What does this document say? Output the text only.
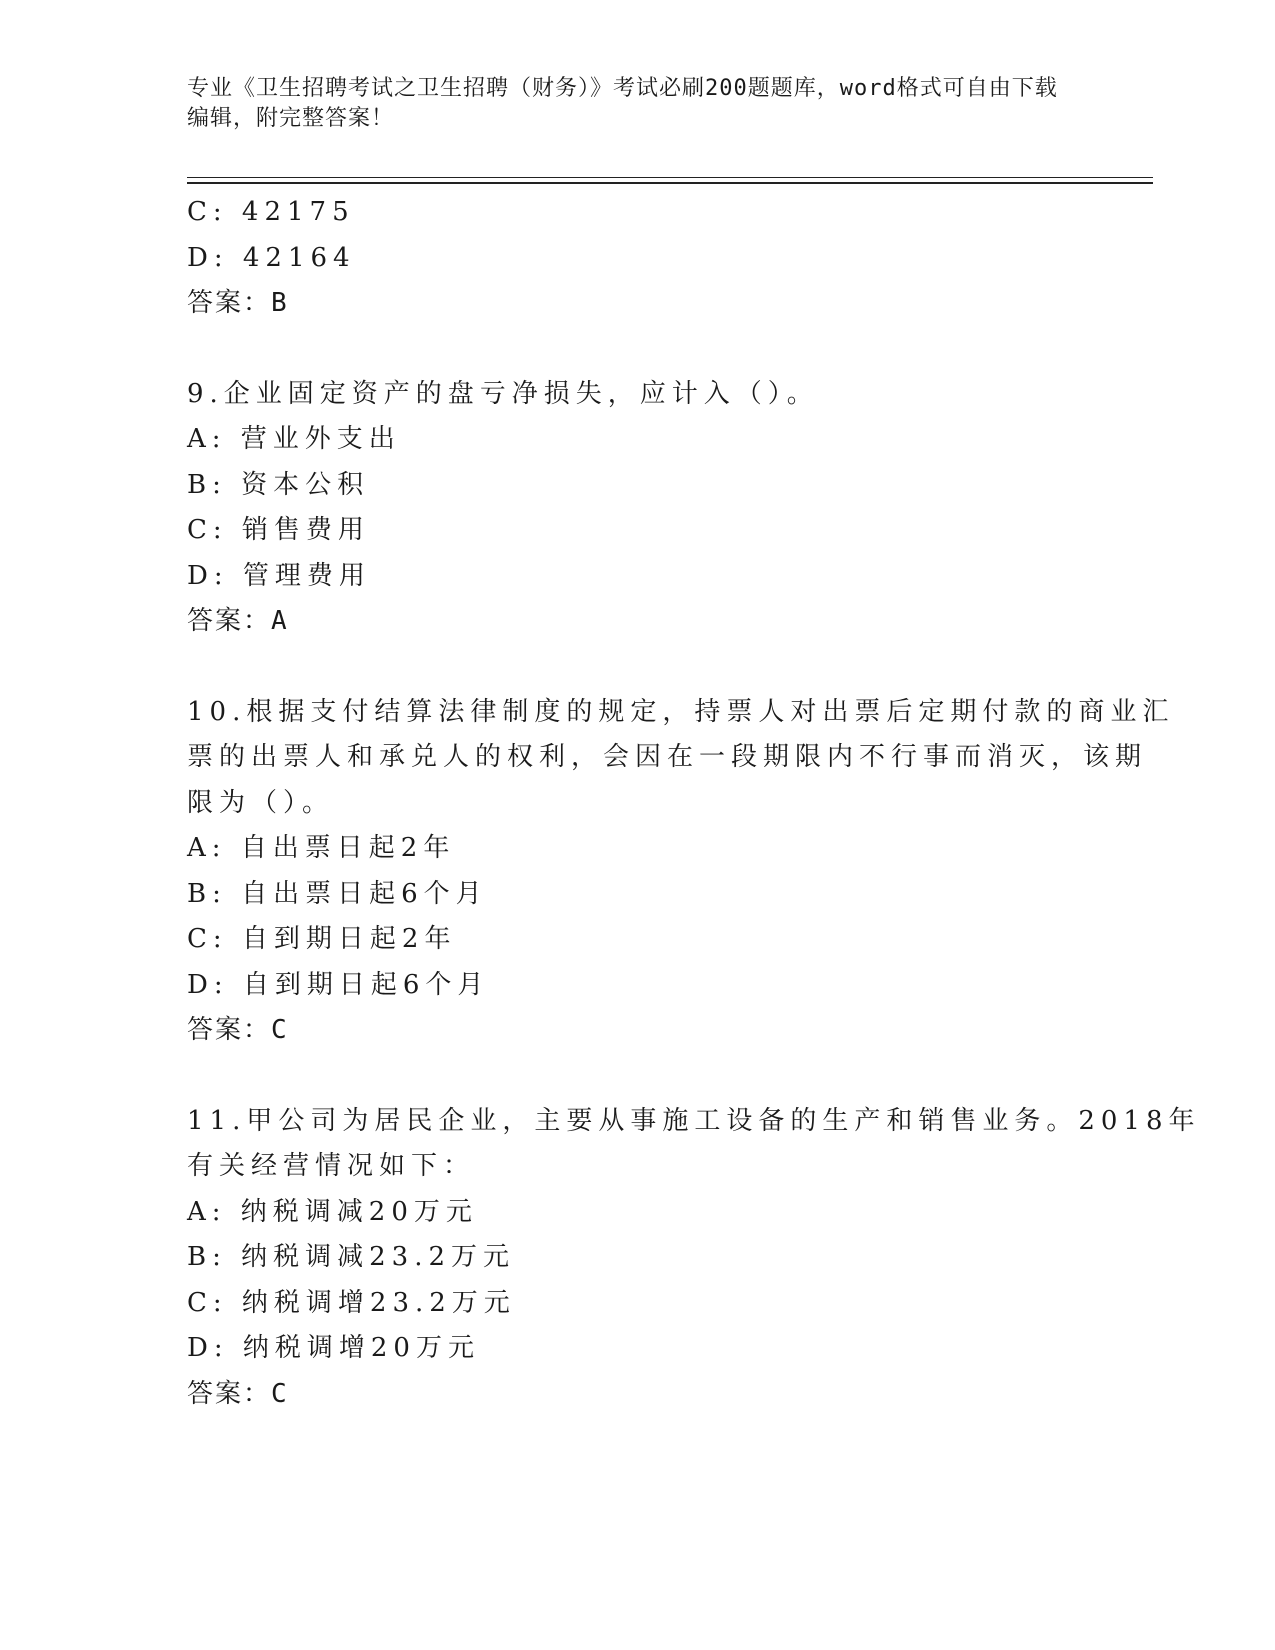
专业《卫生招聘考试之卫生招聘（财务）》考试必刷200题题库，word格式可自由下载编辑，附完整答案！

C: 42175

D: 42164

答案：B

9.企业固定资产的盘亏净损失，应计入（）。

A: 营业外支出

B: 资本公积

C: 销售费用

D: 管理费用

答案：A

10.根据支付结算法律制度的规定，持票人对出票后定期付款的商业汇

票的出票人和承兑人的权利，会因在一段期限内不行事而消灭，该期

限为（）。

A: 自出票日起2年

B: 自出票日起6个月

C: 自到期日起2年

D: 自到期日起6个月

答案：C

11.甲公司为居民企业，主要从事施工设备的生产和销售业务。2018年

有关经营情况如下：

A: 纳税调减20万元

B: 纳税调减23.2万元

C: 纳税调增23.2万元

D: 纳税调增20万元

答案：C
